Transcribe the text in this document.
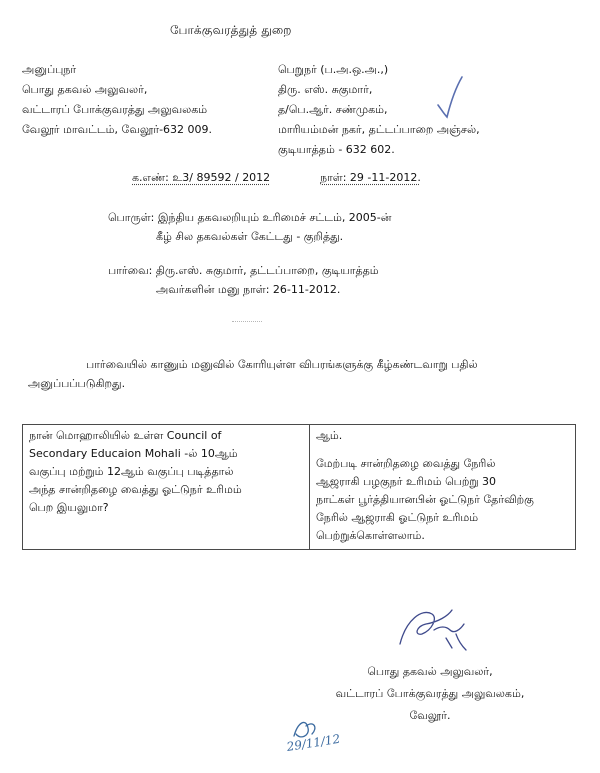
போக்குவரத்துத் துறை
அனுப்புநர்
பொது தகவல் அலுவலர்,
வட்டாரப் போக்குவரத்து அலுவலகம்
வேலூர் மாவட்டம், வேலூர்-632 009.
பெறுநர் (ப.அ.ஒ.அ.,)
திரு. எஸ். சுகுமார்,
த/பெ.ஆர். சண்முகம்,
மாரியம்மன் நகர், தட்டப்பாறை அஞ்சல்,
குடியாத்தம் - 632 602.
க.எண்: உ3/ 89592 / 2012	நாள்: 29 -11-2012.
பொருள்: இந்திய தகவலறியும் உரிமைச் சட்டம், 2005-ன்
கீழ் சில தகவல்கள் கேட்டது - குறித்து.
பார்வை: திரு.எஸ். சுகுமார், தட்டப்பாறை, குடியாத்தம்
அவர்களின் மனு நாள்: 26-11-2012.
பார்வையில் காணும் மனுவில் கோரியுள்ள விபரங்களுக்கு கீழ்கண்டவாறு பதில்
அனுப்பப்படுகிறது.
நான் மொஹாலியில் உள்ள Council of
Secondary Educaion Mohali -ல் 10ஆம்
வகுப்பு மற்றும் 12ஆம் வகுப்பு படித்தால்
அந்த சான்றிதழை வைத்து ஓட்டுநர் உரிமம்
பெற இயலுமா?
ஆம்.
மேற்படி சான்றிதழை வைத்து நேரில்
ஆஜராகி பழகுநர் உரிமம் பெற்று 30
நாட்கள் பூர்த்தியானபின் ஓட்டுநர் தேர்விற்கு
நேரில் ஆஜராகி ஓட்டுநர் உரிமம்
பெற்றுக்கொள்ளலாம்.
பொது தகவல் அலுவலர்,
வட்டாரப் போக்குவரத்து அலுவலகம்,
வேலூர்.
29/11/12
